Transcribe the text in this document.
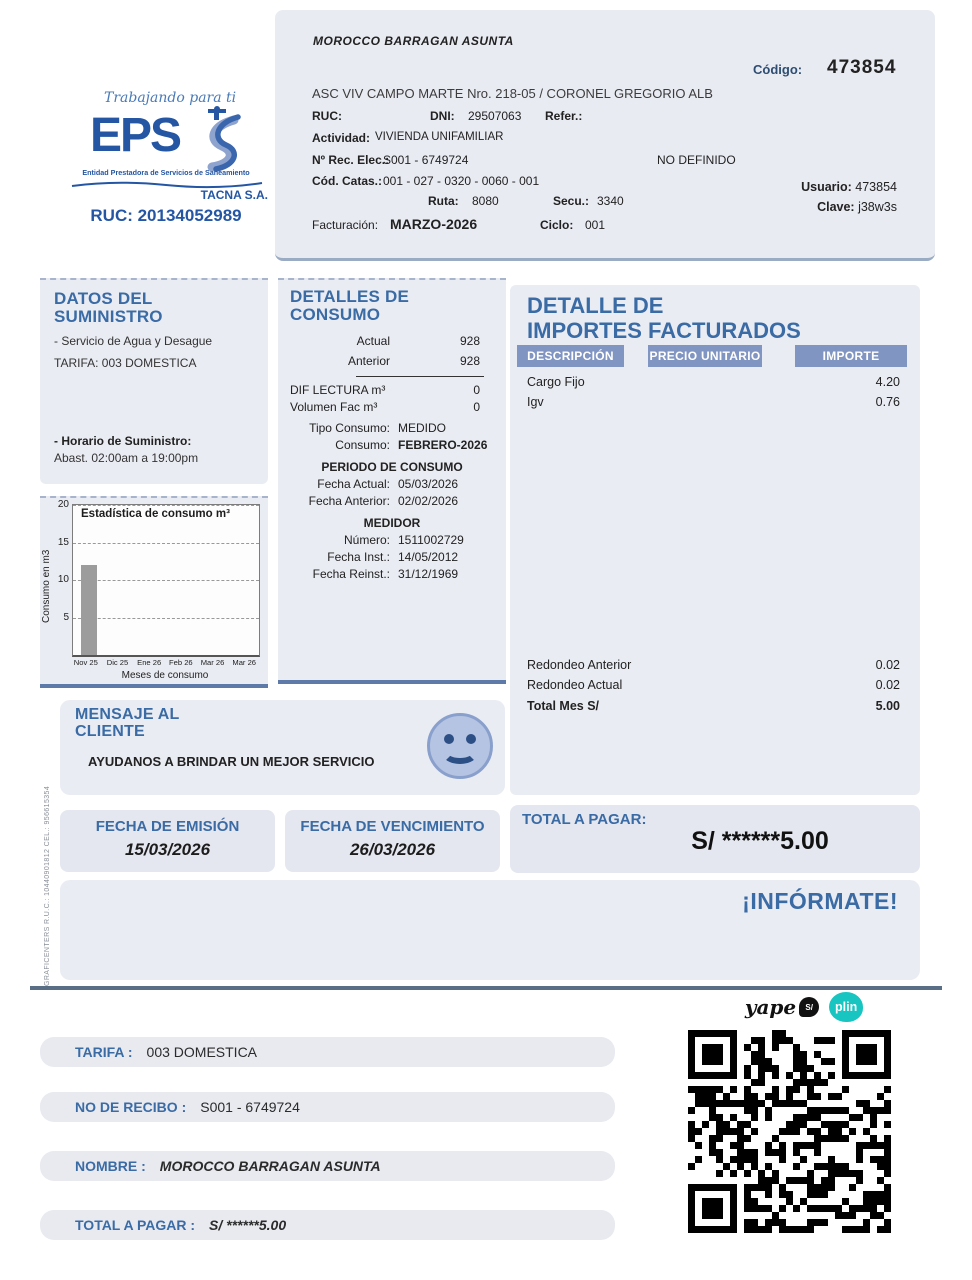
MOROCCO BARRAGAN ASUNTA
Código: 473854
ASC VIV CAMPO MARTE Nro. 218-05 / CORONEL GREGORIO ALB
RUC:	DNI: 29507063 Refer.:
Actividad: VIVIENDA UNIFAMILIAR
Nº Rec. Elec.:
S001 - 6749724	NO DEFINIDO
Cód. Catas.: 001 - 027 - 0320 - 0060 - 001
Ruta: 8080	Secu.: 3340
Usuario: 473854
Clave: j38w3s
Facturación: MARZO-2026	Ciclo: 001
Trabajando para ti
EPS
Entidad Prestadora de Servicios de Saneamiento
TACNA S.A.
RUC: 20134052989
DATOS DEL
SUMINISTRO
- Servicio de Agua y Desague
TARIFA: 003 DOMESTICA
- Horario de Suministro:
Abast. 02:00am a 19:00pm
Consumo en m3
Estadística de consumo m³
5
10
15
20
Nov 25	Dic 25	Ene 26	Feb 26	Mar 26	Mar 26
Meses de consumo
DETALLES DE
CONSUMO
Actual	928
Anterior	928
DIF LECTURA m³	0
Volumen Fac m³	0
Tipo Consumo: MEDIDO
Consumo: FEBRERO-2026
PERIODO DE CONSUMO
Fecha Actual: 05/03/2026
Fecha Anterior: 02/02/2026
MEDIDOR
Número: 1511002729
Fecha Inst.: 14/05/2012
Fecha Reinst.: 31/12/1969
DETALLE DE
IMPORTES FACTURADOS
DESCRIPCIÓN	PRECIO UNITARIO	IMPORTE
Cargo Fijo	4.20
Igv	0.76
Redondeo Anterior	0.02
Redondeo Actual	0.02
Total Mes S/	5.00
MENSAJE AL
CLIENTE
AYUDANOS A BRINDAR UN MEJOR SERVICIO
FECHA DE EMISIÓN
15/03/2026
FECHA DE VENCIMIENTO
26/03/2026
TOTAL A PAGAR:
S/ ******5.00
¡INFÓRMATE!
GRAFICENTERS R.U.C.: 10440901812 CEL.: 956615354
yape	S/	plin
TARIFA : 003 DOMESTICA
NO DE RECIBO : S001 - 6749724
NOMBRE : MOROCCO BARRAGAN ASUNTA
TOTAL A PAGAR : S/ ******5.00
